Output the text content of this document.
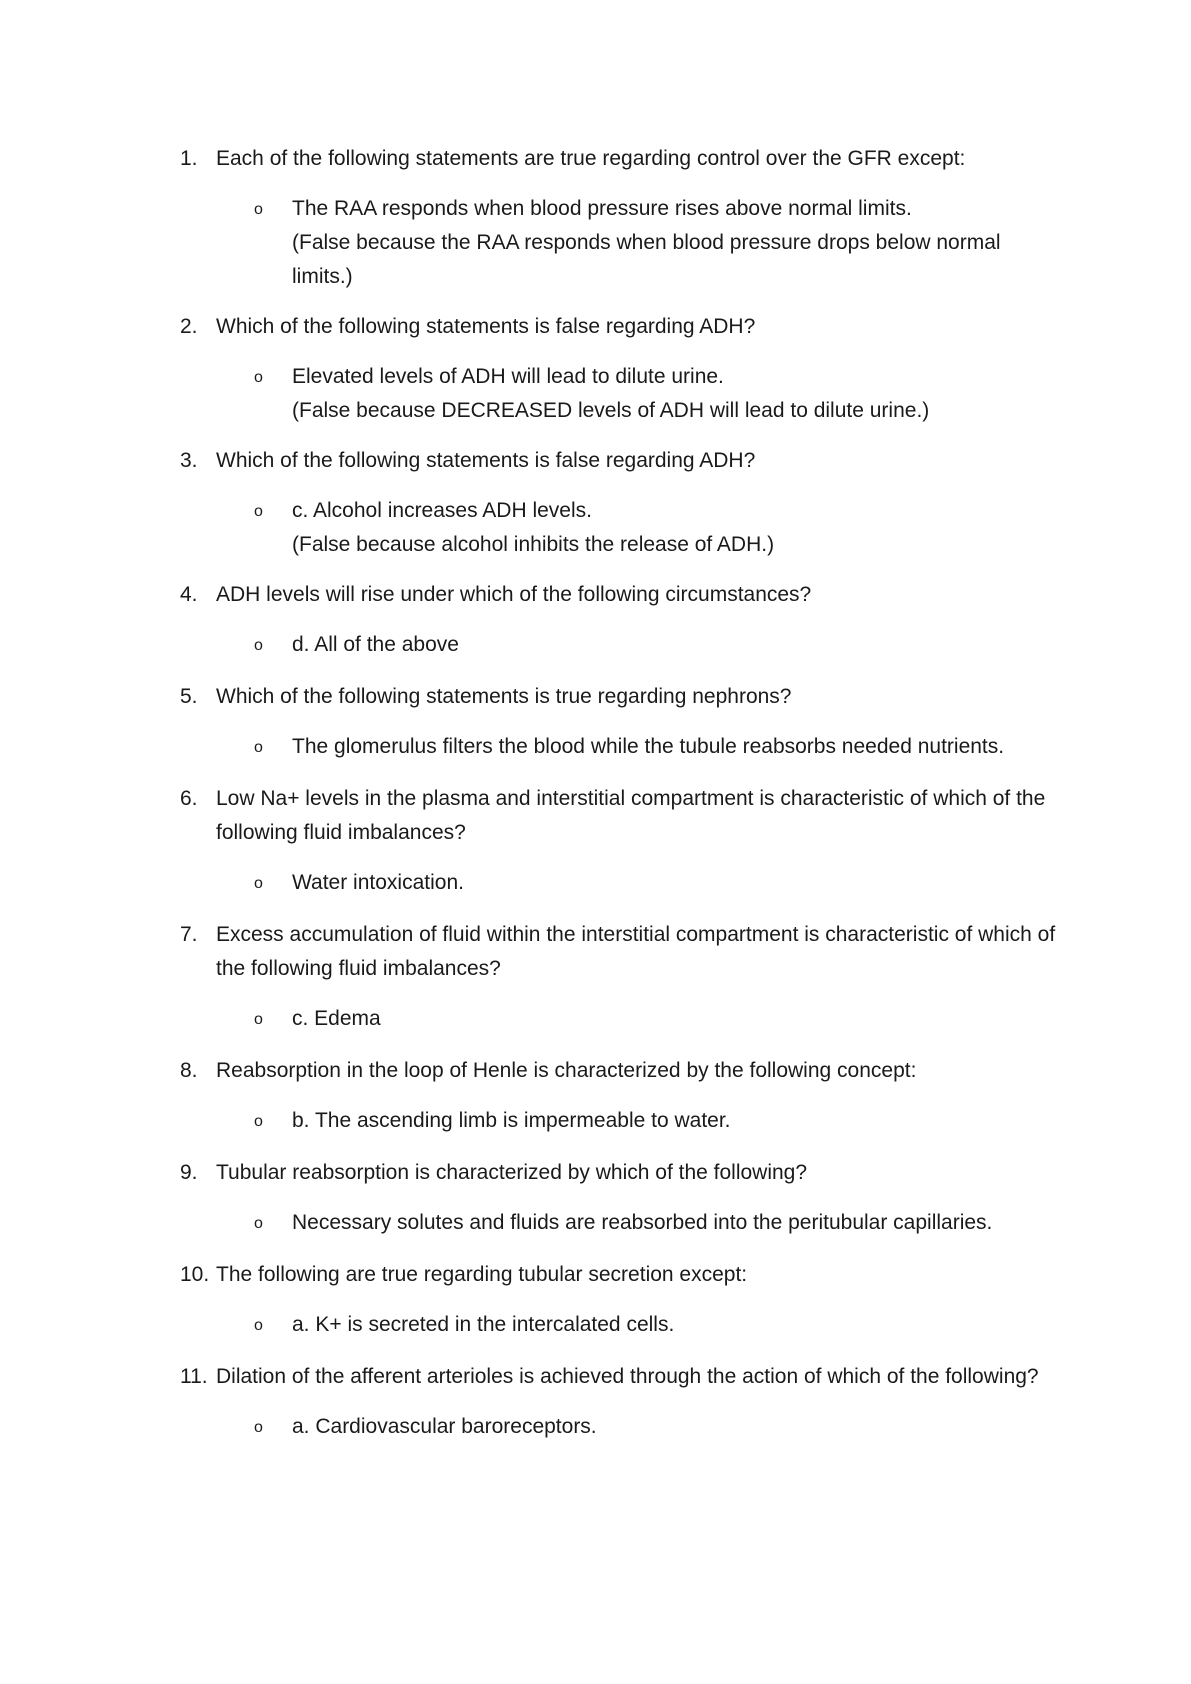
1. Each of the following statements are true regarding control over the GFR except:
o	The RAA responds when blood pressure rises above normal limits.
(False because the RAA responds when blood pressure drops below normal limits.)
2. Which of the following statements is false regarding ADH?
o	Elevated levels of ADH will lead to dilute urine.
(False because DECREASED levels of ADH will lead to dilute urine.)
3. Which of the following statements is false regarding ADH?
o	c. Alcohol increases ADH levels.
(False because alcohol inhibits the release of ADH.)
4. ADH levels will rise under which of the following circumstances?
o	d. All of the above
5. Which of the following statements is true regarding nephrons?
o	The glomerulus filters the blood while the tubule reabsorbs needed nutrients.
6. Low Na+ levels in the plasma and interstitial compartment is characteristic of which of the following fluid imbalances?
o	Water intoxication.
7. Excess accumulation of fluid within the interstitial compartment is characteristic of which of the following fluid imbalances?
o	c. Edema
8. Reabsorption in the loop of Henle is characterized by the following concept:
o	b. The ascending limb is impermeable to water.
9. Tubular reabsorption is characterized by which of the following?
o	Necessary solutes and fluids are reabsorbed into the peritubular capillaries.
10. The following are true regarding tubular secretion except:
o	a. K+ is secreted in the intercalated cells.
11. Dilation of the afferent arterioles is achieved through the action of which of the following?
o	a. Cardiovascular baroreceptors.
